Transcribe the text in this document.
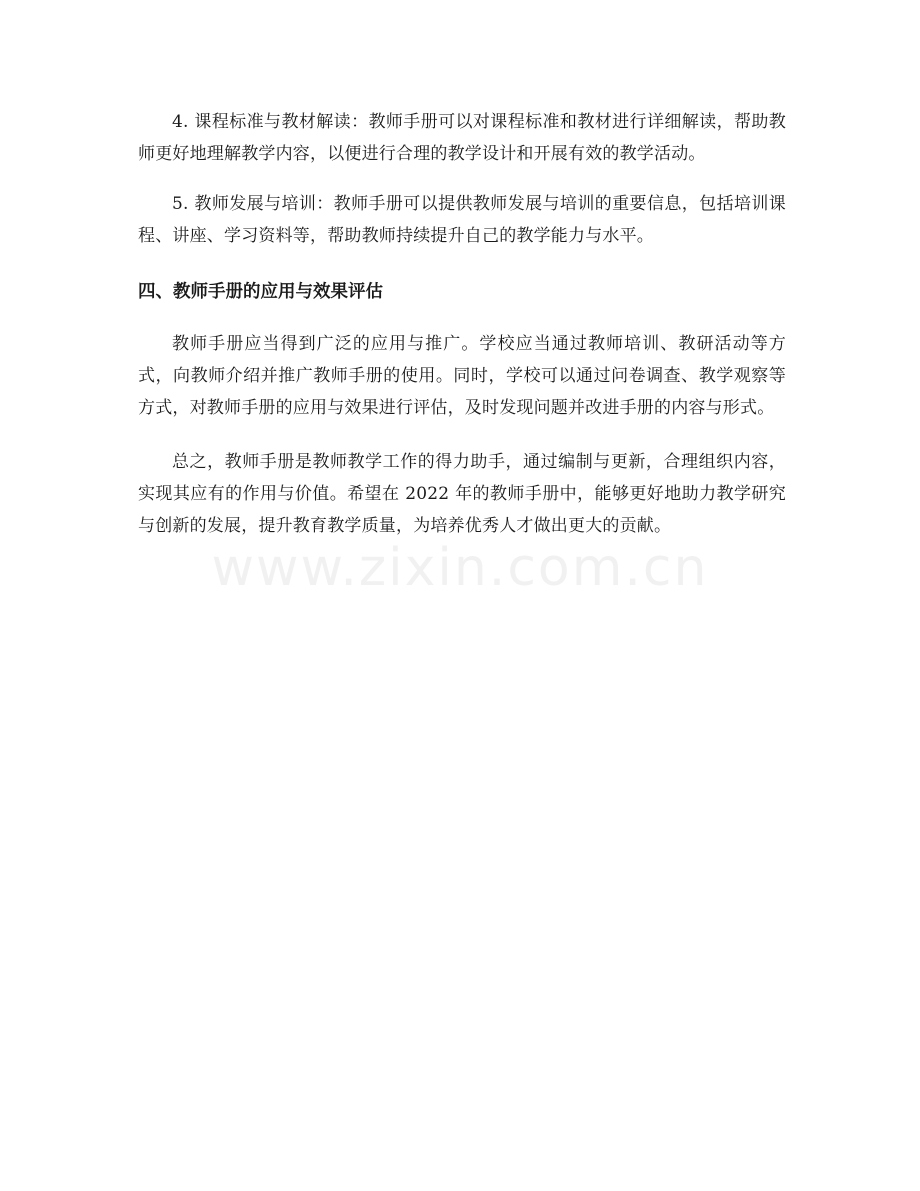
4. 课程标准与教材解读：教师手册可以对课程标准和教材进行详细解读，帮助教师更好地理解教学内容，以便进行合理的教学设计和开展有效的教学活动。

5. 教师发展与培训：教师手册可以提供教师发展与培训的重要信息，包括培训课程、讲座、学习资料等，帮助教师持续提升自己的教学能力与水平。

四、教师手册的应用与效果评估

教师手册应当得到广泛的应用与推广。学校应当通过教师培训、教研活动等方式，向教师介绍并推广教师手册的使用。同时，学校可以通过问卷调查、教学观察等方式，对教师手册的应用与效果进行评估，及时发现问题并改进手册的内容与形式。

总之，教师手册是教师教学工作的得力助手，通过编制与更新，合理组织内容，实现其应有的作用与价值。希望在 2022 年的教师手册中，能够更好地助力教学研究与创新的发展，提升教育教学质量，为培养优秀人才做出更大的贡献。

www.zixin.com.cn
